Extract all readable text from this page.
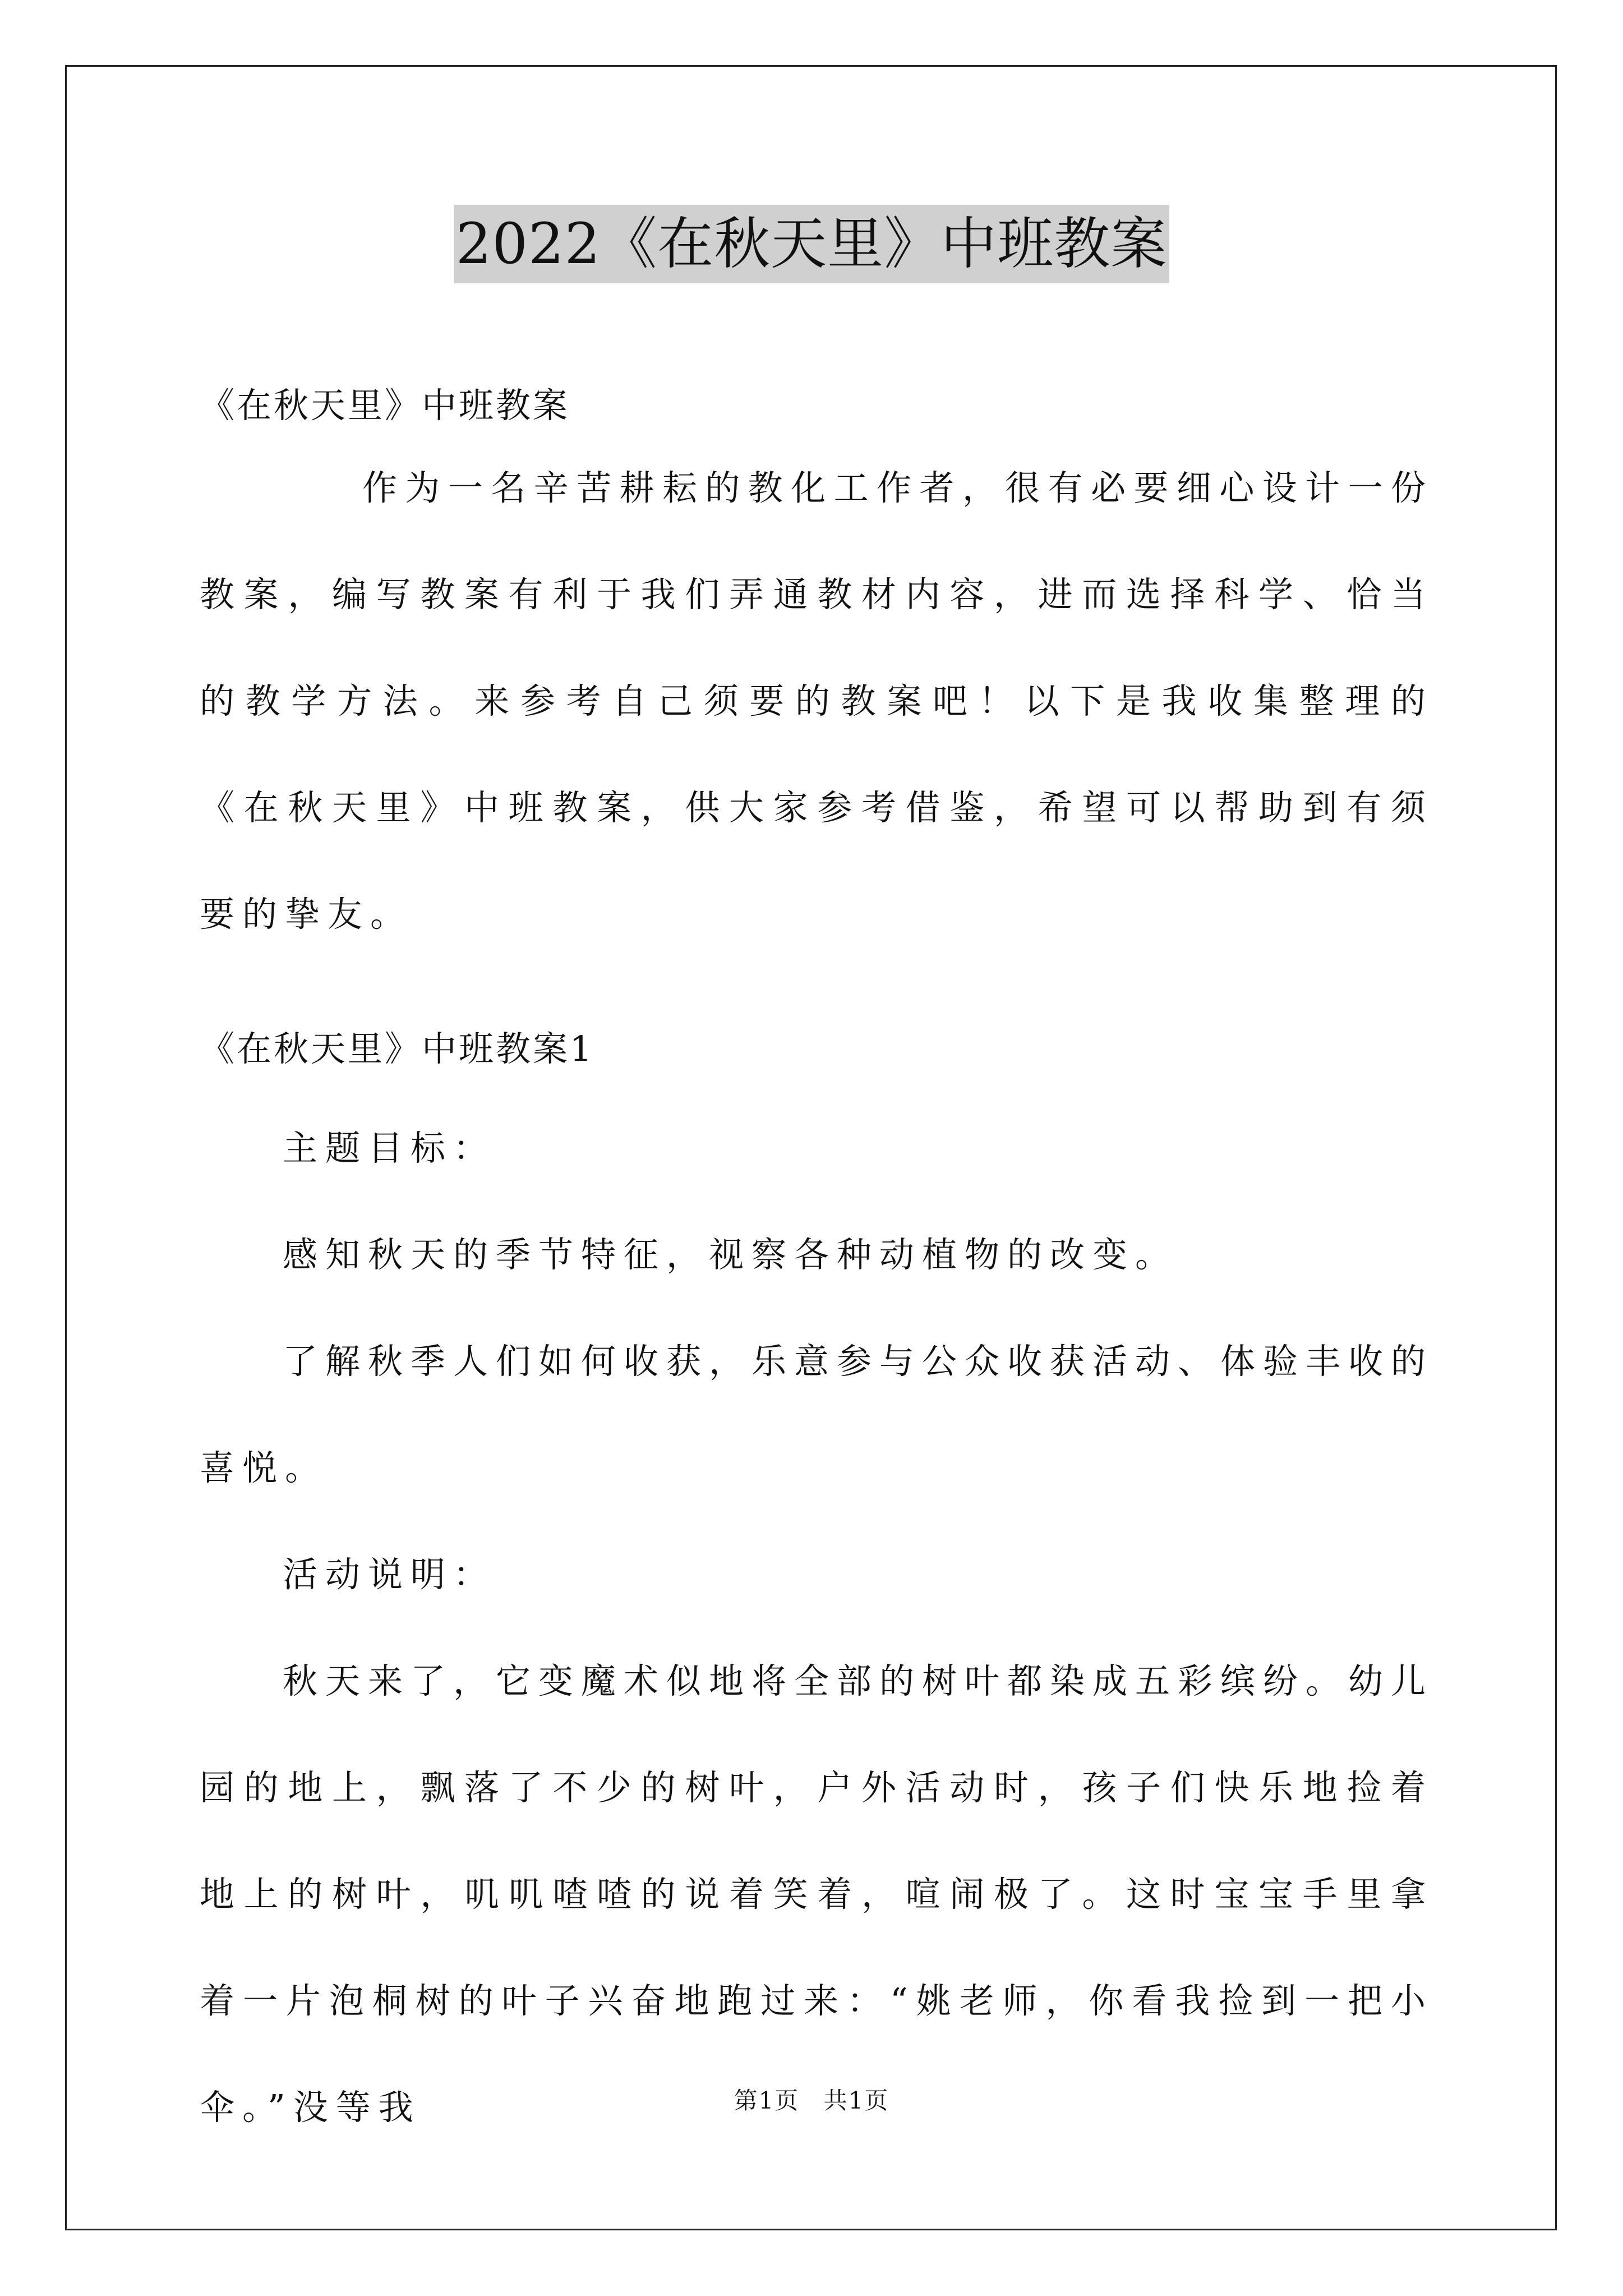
2022《在秋天里》中班教案

《在秋天里》中班教案

作为一名辛苦耕耘的教化工作者，很有必要细心设计一份教案，编写教案有利于我们弄通教材内容，进而选择科学、恰当的教学方法。来参考自己须要的教案吧！以下是我收集整理的《在秋天里》中班教案，供大家参考借鉴，希望可以帮助到有须要的挚友。

《在秋天里》中班教案1

主题目标：

感知秋天的季节特征，视察各种动植物的改变。

了解秋季人们如何收获，乐意参与公众收获活动、体验丰收的喜悦。

活动说明：

秋天来了，它变魔术似地将全部的树叶都染成五彩缤纷。幼儿园的地上，飘落了不少的树叶，户外活动时，孩子们快乐地捡着地上的树叶，叽叽喳喳的说着笑着，喧闹极了。这时宝宝手里拿着一片泡桐树的叶子兴奋地跑过来：“姚老师，你看我捡到一把小伞。”没等我	第1页 共1页
